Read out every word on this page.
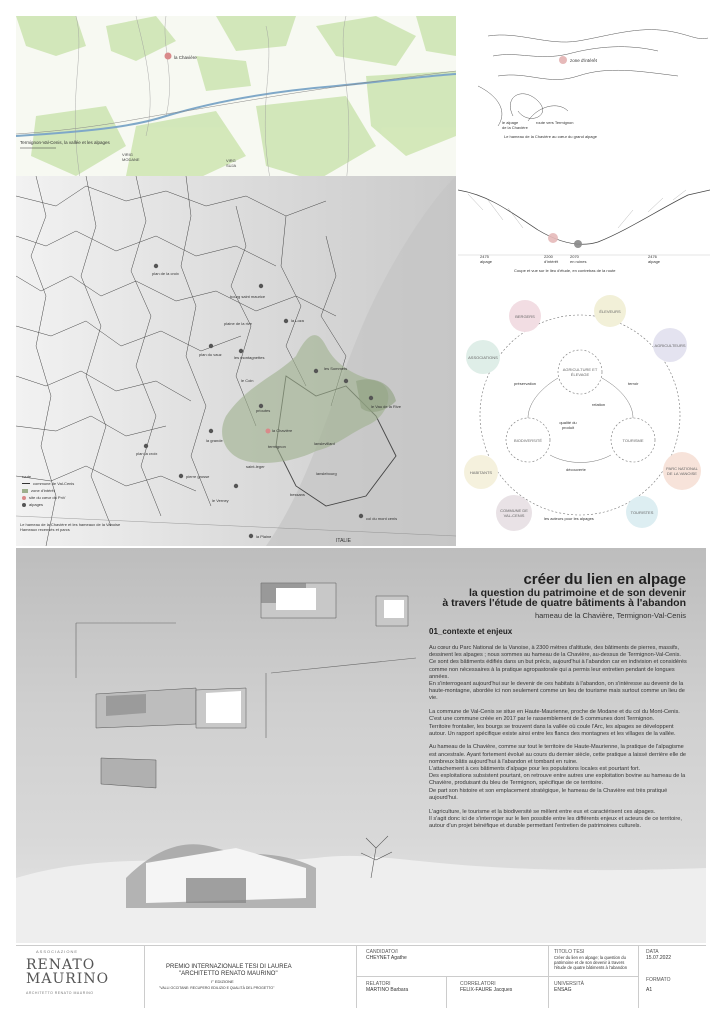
la Chavière
Termignon-Val-Cenis, la vallée et les alpages
VIRIG
MODANE	VIRG
SUJA
la Chavière
bourg saint maurice
plaine de la rive
la Loza
plan du vauz
les montagnettes
le Coin
termignon
saint-leger
plan la croix
les Sommets
pierre grosse
la grande
lanslebourg
lanslevillard
bessans
plan de la croix
le Vau de la Rive
prioutes
le Verney
col du mont cenis
la Plaine
ITALIE
route
commune de Val-Cenis
zone d'intérêt
site du cœur du PnV
alpages
Le hameau de la Chavière et les hameaux de la Vanoise
Hameaux recensés et parcs
zone d'intérêt
le alpage
de la Chavière
route vers Termignon
Le hameau de la Chavière au cœur du grand alpage
2475
alpage
2200
d'intérêt
2070
en ruines
2476
alpage
Coupe et vue sur le lieu d'étude, en contrebas de la route
BERGERS
ÉLEVEURS
AGRICULTEURS
ASSOCIATIONS
HABITANTS
PARC NATIONAL DE LA VANOISE
COMMUNE DE VAL-CENIS
TOURISTES
AGRICULTURE ET ÉLEVAGE
BIODIVERSITÉ	TOURISME
préservation	terroir
relation
qualité du produit
découverte
les acteurs pour les alpages
créer du lien en alpage
la question du patrimoine et de son devenir
à travers l'étude de quatre bâtiments à l'abandon
hameau de la Chavière, Termignon-Val-Cenis
01_contexte et enjeux

Au cœur du Parc National de la Vanoise, à 2300 mètres d'altitude, des bâtiments de pierres, massifs, dessinent les alpages ; nous sommes au hameau de la Chavière, au-dessus de Termignon-Val-Cenis.
Ce sont des bâtiments édifiés dans un but précis, aujourd'hui à l'abandon car en indivision et considérés comme non nécessaires à la pratique agropastorale qui a permis leur entretien pendant de longues années.
En s'interrogeant aujourd'hui sur le devenir de ces habitats à l'abandon, on s'intéresse au devenir de la haute-montagne, abordée ici non seulement comme un lieu de tourisme mais surtout comme un lieu de vie.

La commune de Val-Cenis se situe en Haute-Maurienne, proche de Modane et du col du Mont-Cenis. C'est une commune créée en 2017 par le rassemblement de 5 communes dont Termignon.
Territoire frontalier, les bourgs se trouvent dans la vallée où coule l'Arc, les alpages se développent autour. Un rapport spécifique existe ainsi entre les flancs des montagnes et les villages de la vallée.

Au hameau de la Chavière, comme sur tout le territoire de Haute-Maurienne, la pratique de l'alpagisme est ancestrale. Ayant fortement évolué au cours du dernier siècle, cette pratique a laissé derrière elle de nombreux bâtis aujourd'hui à l'abandon et tombant en ruine.
L'attachement à ces bâtiments d'alpage pour les populations locales est pourtant fort.
Des exploitations subsistent pourtant, on retrouve entre autres une exploitation bovine au hameau de la Chavière, produisant du bleu de Termignon, spécifique de ce territoire.
De part son histoire et son emplacement stratégique, le hameau de la Chavière est très pratiqué aujourd'hui.

L'agriculture, le tourisme et la biodiversité se mêlent entre eux et caractérisent ces alpages.
Il s'agit donc ici de s'interroger sur le lien possible entre les différents enjeux et acteurs de ce territoire, autour d'un projet bénéfique et durable permettant l'entretien de patrimoines culturels.

ASSOCIAZIONE
RENATO MAURINO
ARCHITETTO RENATO MAURINO
PREMIO INTERNAZIONALE TESI DI LAUREA
"ARCHITETTO RENATO MAURINO"
I° EDIZIONE
"VALLI OCCITANE: RECUPERO EDILIZIO E QUALITÀ DEL PROGETTO"
CANDIDATO/I
CHEYNET Agathe
RELATORI
MARTINO Barbara
CORRELATORI
FELIX-FAURE Jacques
TITOLO TESI
Créer du lien en alpage; la question du patrimoine et de son devenir à travers l'étude de quatre bâtiments à l'abandon
UNIVERSITÀ
ENSAG
DATA
15.07.2022
FORMATO
A1
